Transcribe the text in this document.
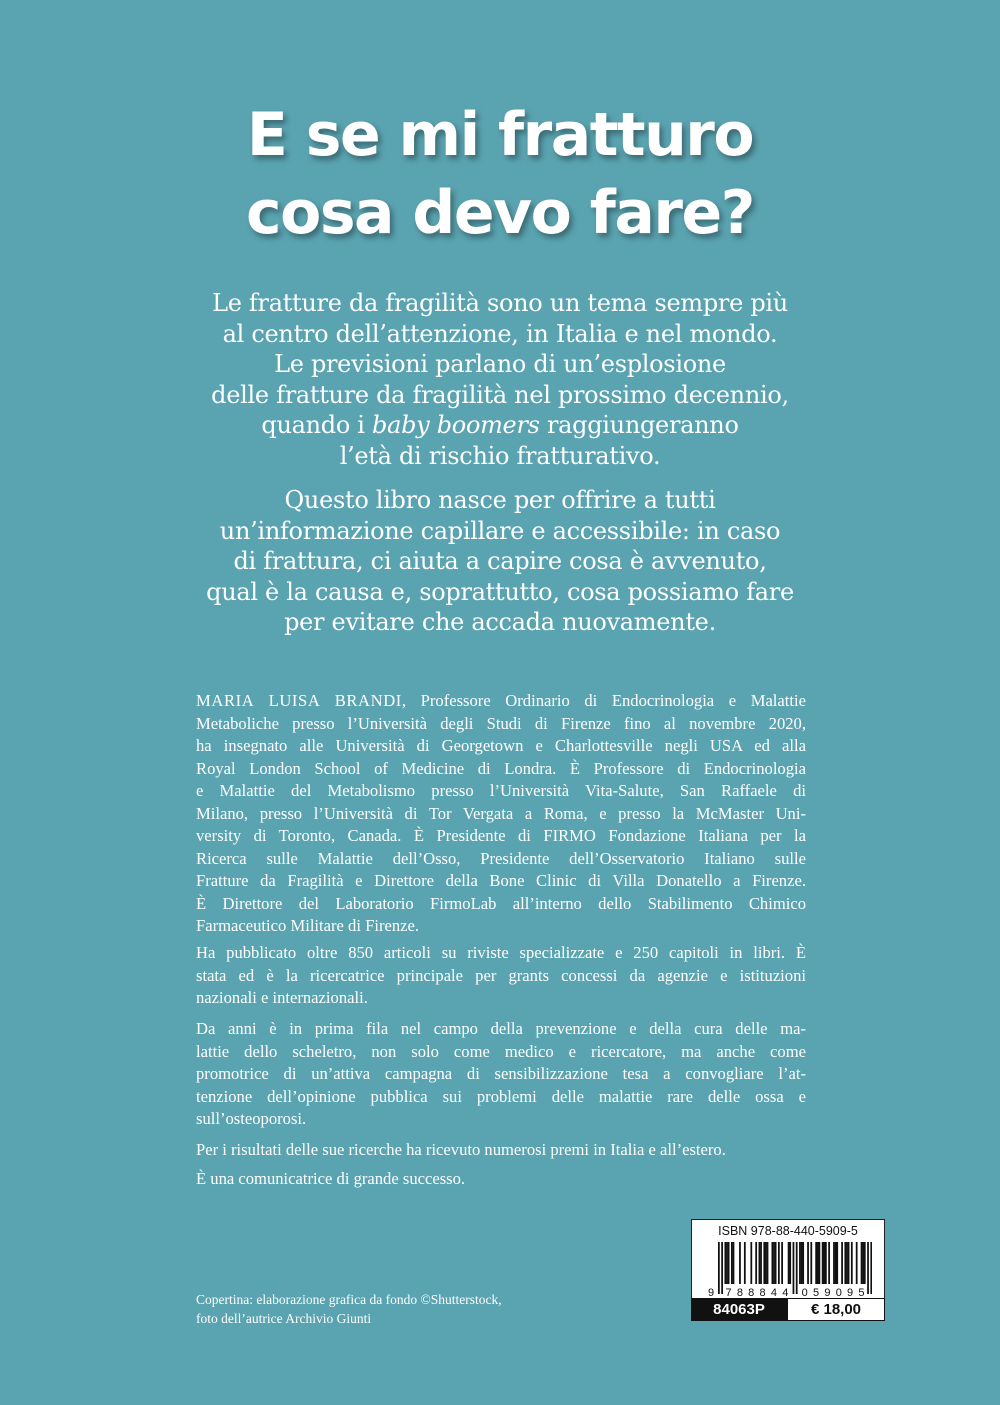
E se mi fratturo
cosa devo fare?
Le fratture da fragilità sono un tema sempre più
al centro dell’attenzione, in Italia e nel mondo.
Le previsioni parlano di un’esplosione
delle fratture da fragilità nel prossimo decennio,
quando i baby boomers raggiungeranno
l’età di rischio fratturativo.
Questo libro nasce per offrire a tutti
un’informazione capillare e accessibile: in caso
di frattura, ci aiuta a capire cosa è avvenuto,
qual è la causa e, soprattutto, cosa possiamo fare
per evitare che accada nuovamente.
MARIA LUISA BRANDI, Professore Ordinario di Endocrinologia e Malattie
Metaboliche presso l’Università degli Studi di Firenze fino al novembre 2020,
ha insegnato alle Università di Georgetown e Charlottesville negli USA ed alla
Royal London School of Medicine di Londra. È Professore di Endocrinologia
e Malattie del Metabolismo presso l’Università Vita-Salute, San Raffaele di
Milano, presso l’Università di Tor Vergata a Roma, e presso la McMaster Uni-
versity di Toronto, Canada. È Presidente di FIRMO Fondazione Italiana per la
Ricerca sulle Malattie dell’Osso, Presidente dell’Osservatorio Italiano sulle
Fratture da Fragilità e Direttore della Bone Clinic di Villa Donatello a Firenze.
È Direttore del Laboratorio FirmoLab all’interno dello Stabilimento Chimico
Farmaceutico Militare di Firenze.
Ha pubblicato oltre 850 articoli su riviste specializzate e 250 capitoli in libri. È
stata ed è la ricercatrice principale per grants concessi da agenzie e istituzioni
nazionali e internazionali.
Da anni è in prima fila nel campo della prevenzione e della cura delle ma-
lattie dello scheletro, non solo come medico e ricercatore, ma anche come
promotrice di un’attiva campagna di sensibilizzazione tesa a convogliare l’at-
tenzione dell’opinione pubblica sui problemi delle malattie rare delle ossa e
sull’osteoporosi.
Per i risultati delle sue ricerche ha ricevuto numerosi premi in Italia e all’estero.
È una comunicatrice di grande successo.
Copertina: elaborazione grafica da fondo ©Shutterstock,
foto dell’autrice Archivio Giunti
ISBN 978-88-440-5909-5
9 7 8 8 8 4 4 0 5 9 0 9 5
84063P	€ 18,00
